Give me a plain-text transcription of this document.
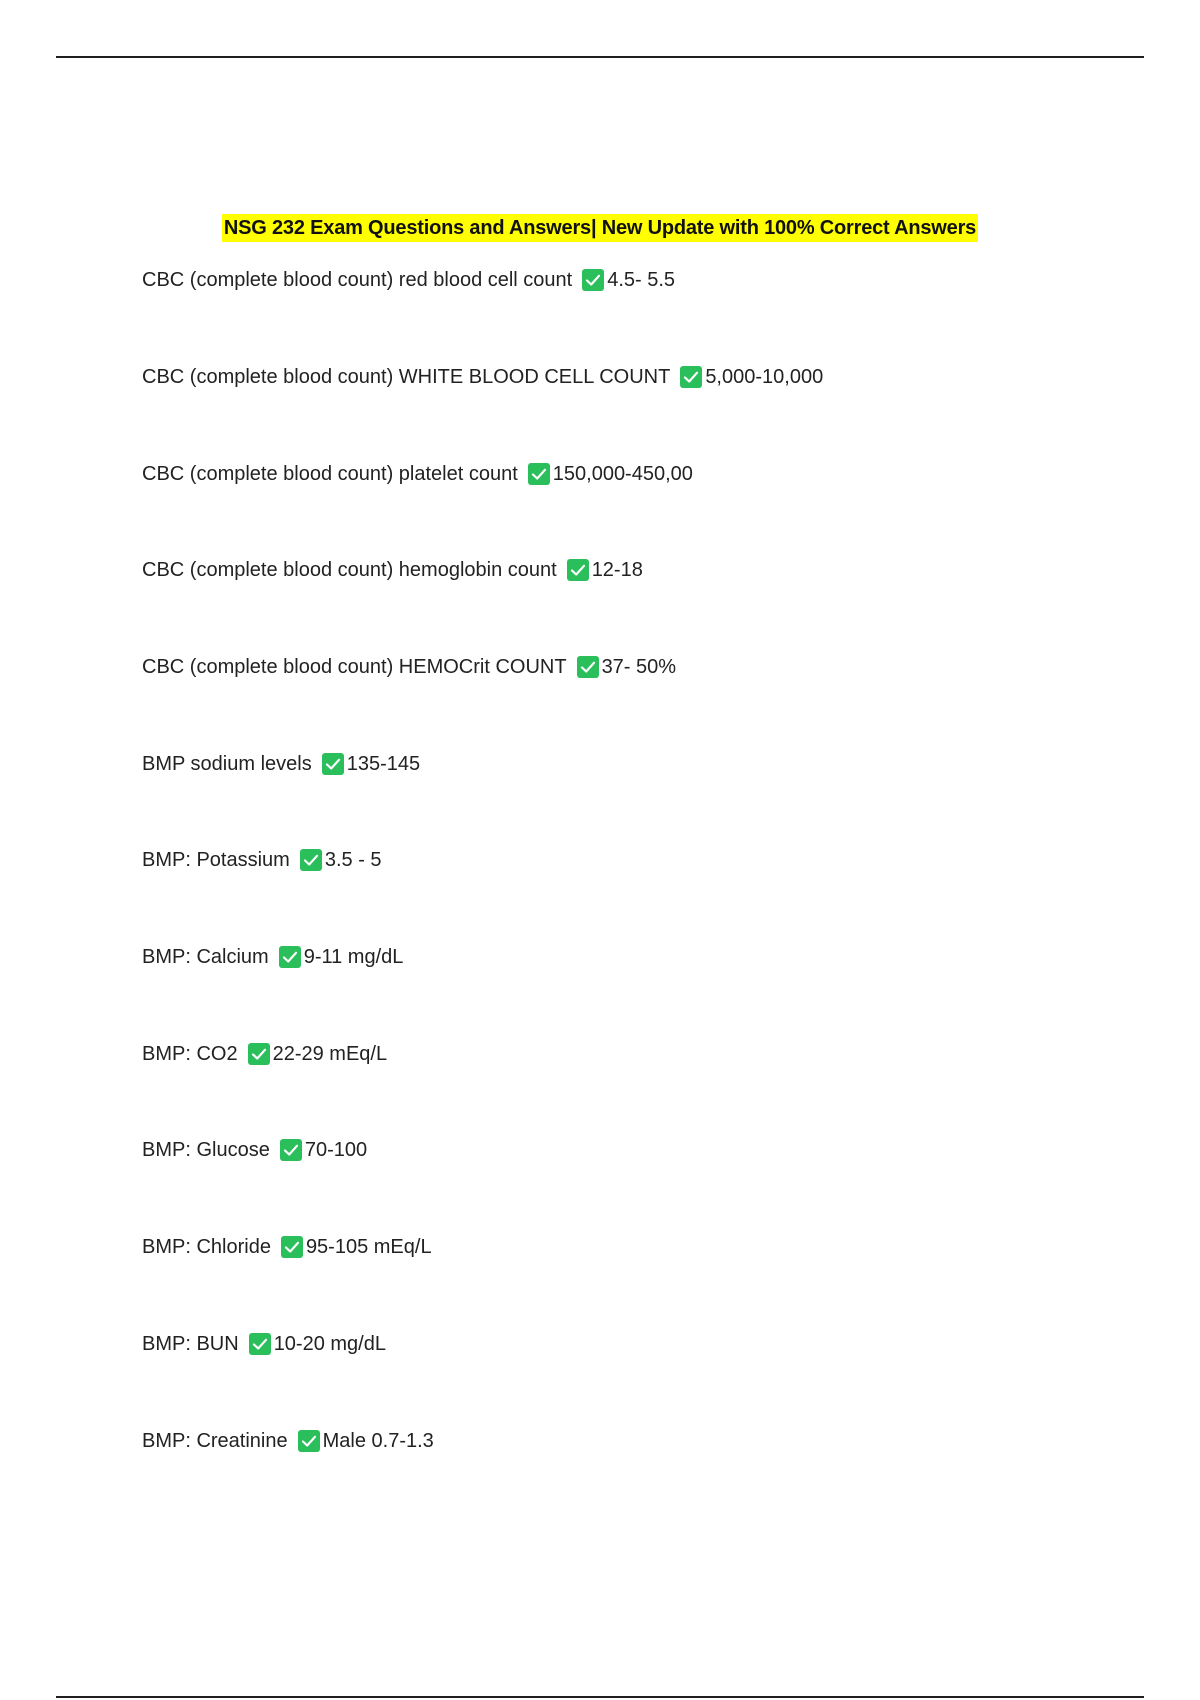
NSG 232 Exam Questions and Answers| New Update with 100% Correct Answers
CBC (complete blood count) red blood cell count 4.5- 5.5
CBC (complete blood count) WHITE BLOOD CELL COUNT 5,000-10,000
CBC (complete blood count) platelet count 150,000-450,00
CBC (complete blood count) hemoglobin count 12-18
CBC (complete blood count) HEMOCrit COUNT 37- 50%
BMP sodium levels 135-145
BMP: Potassium 3.5 - 5
BMP: Calcium 9-11 mg/dL
BMP: CO2 22-29 mEq/L
BMP: Glucose 70-100
BMP: Chloride 95-105 mEq/L
BMP: BUN 10-20 mg/dL
BMP: Creatinine Male 0.7-1.3
